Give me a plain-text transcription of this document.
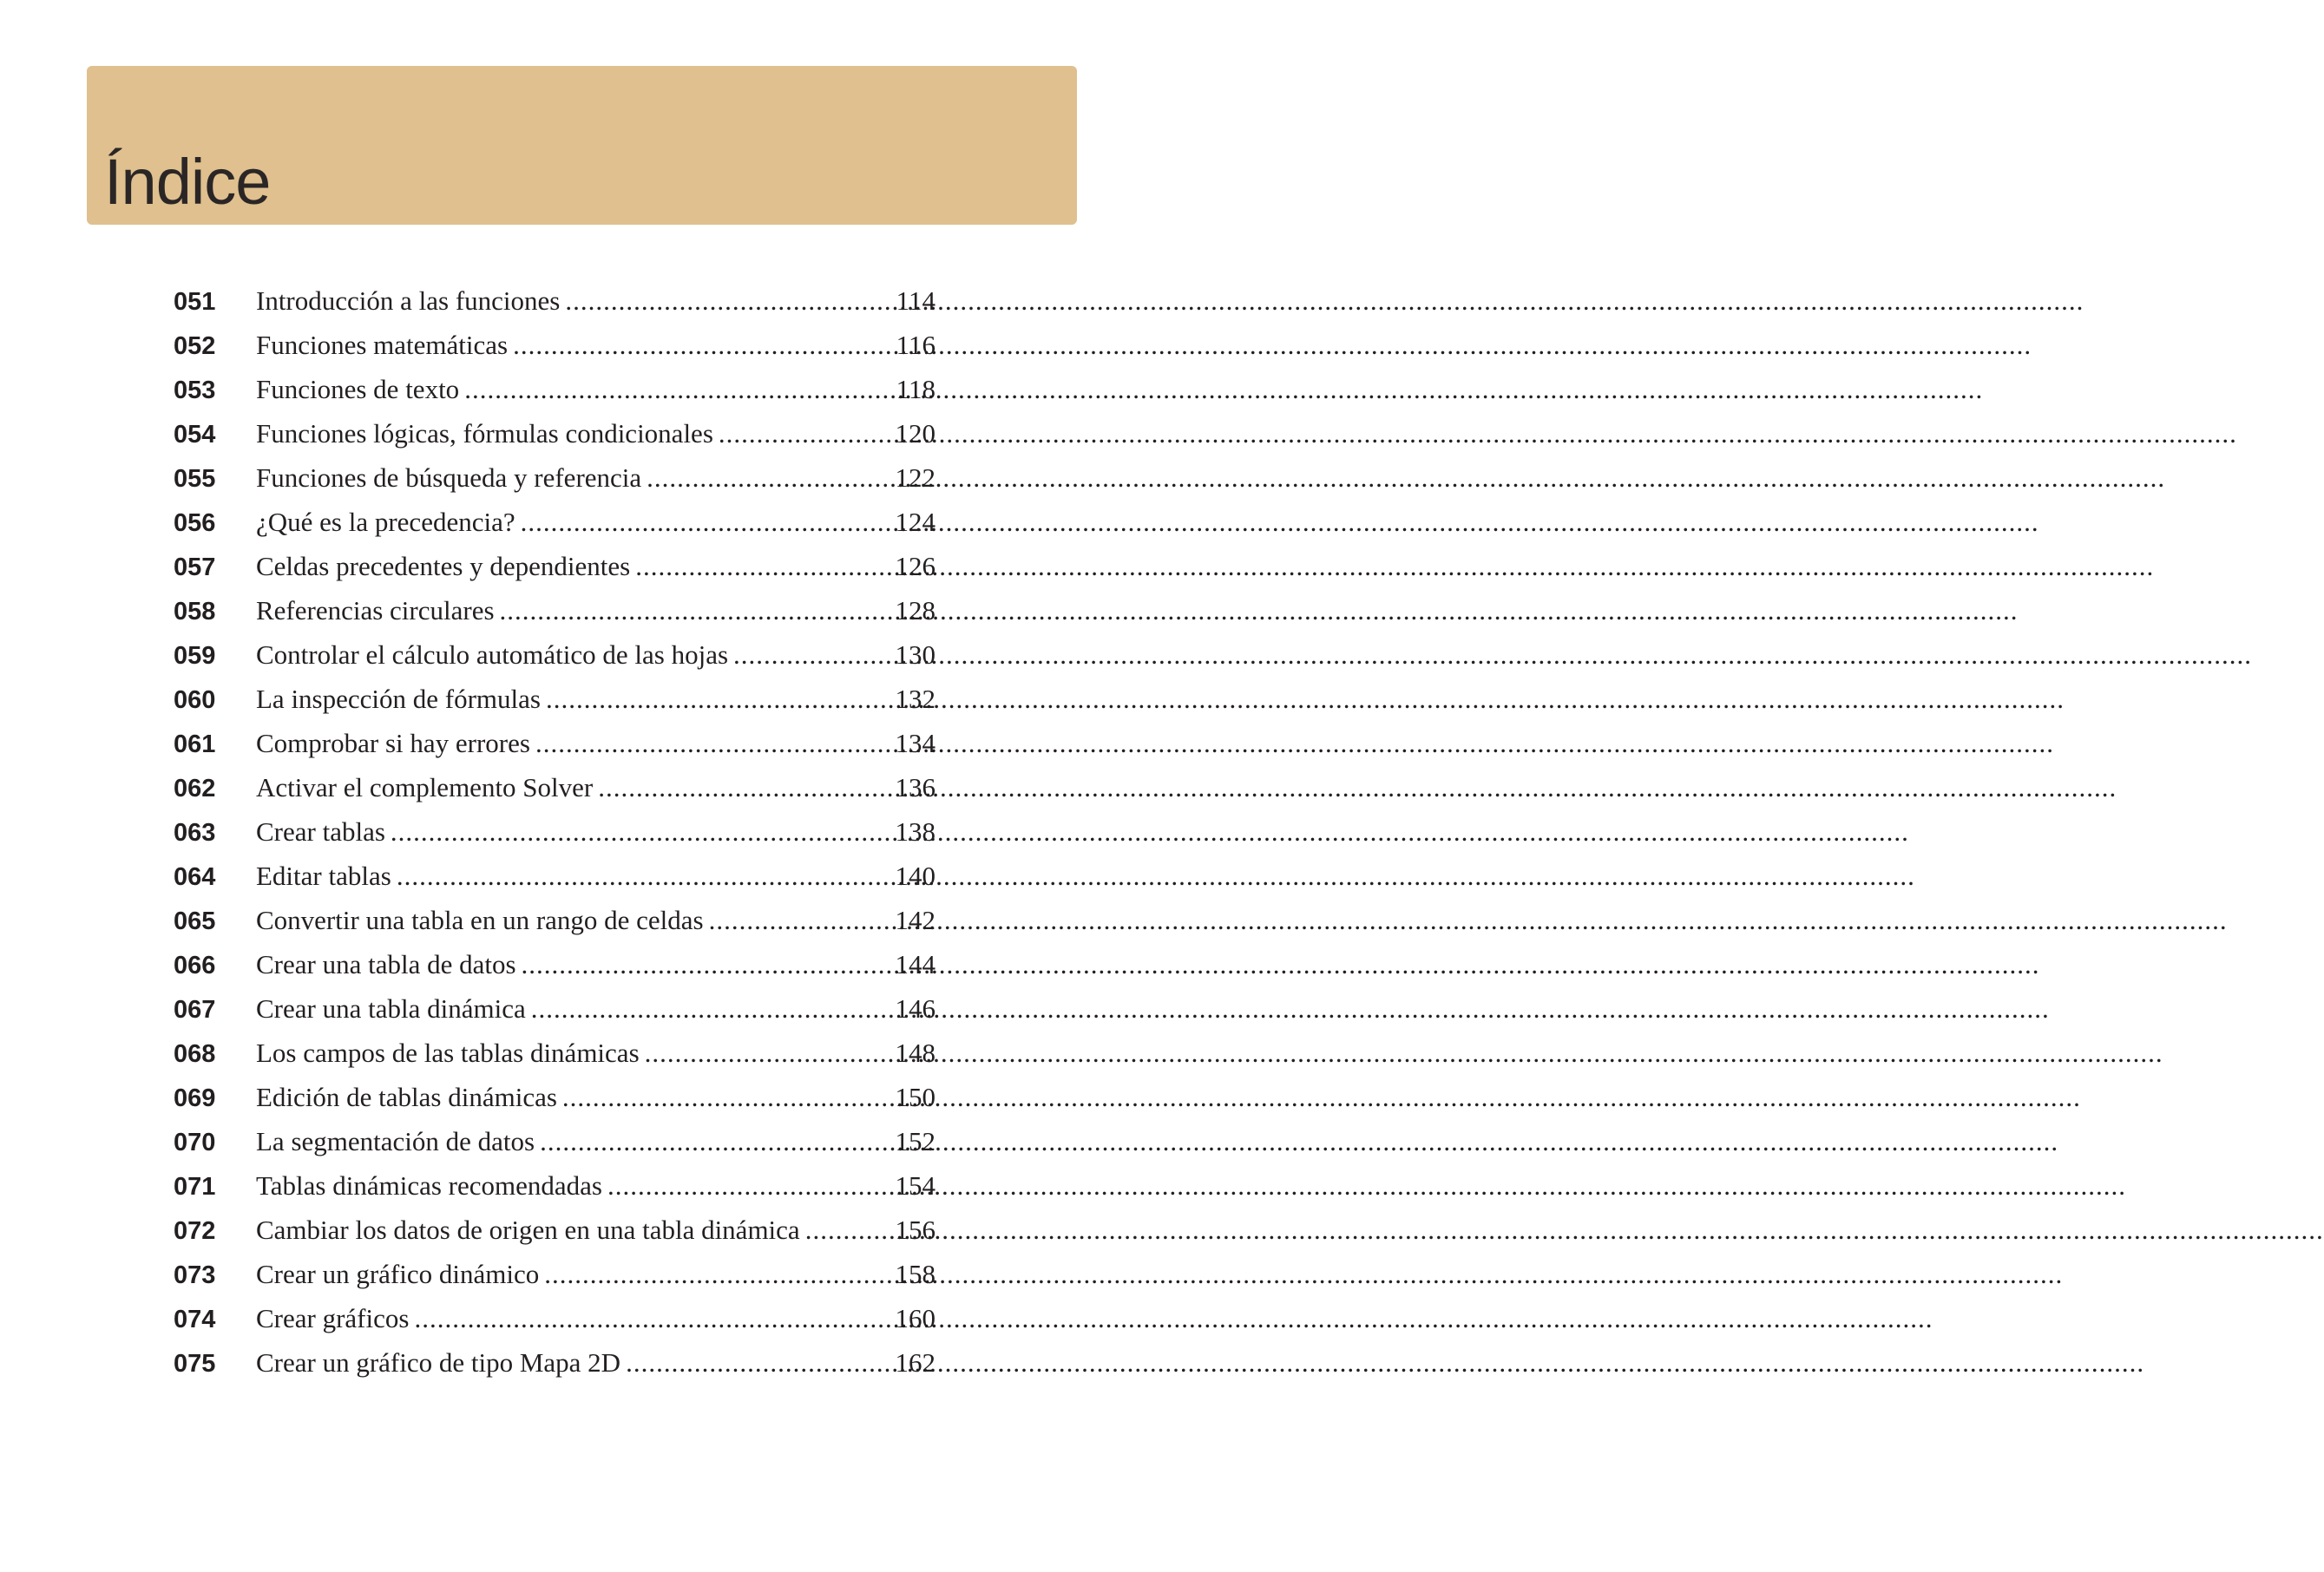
Índice
051	Introducción a las funciones .....	114
052	Funciones matemáticas .....	116
053	Funciones de texto .....	118
054	Funciones lógicas, fórmulas condicionales .....	120
055	Funciones de búsqueda y referencia .....	122
056	¿Qué es la precedencia? .....	124
057	Celdas precedentes y dependientes .....	126
058	Referencias circulares .....	128
059	Controlar el cálculo automático de las hojas .....	130
060	La inspección de fórmulas .....	132
061	Comprobar si hay errores .....	134
062	Activar el complemento Solver .....	136
063	Crear tablas .....	138
064	Editar tablas .....	140
065	Convertir una tabla en un rango de celdas .....	142
066	Crear una tabla de datos .....	144
067	Crear una tabla dinámica .....	146
068	Los campos de las tablas dinámicas .....	148
069	Edición de tablas dinámicas .....	150
070	La segmentación de datos .....	152
071	Tablas dinámicas recomendadas .....	154
072	Cambiar los datos de origen en una tabla dinámica .....	156
073	Crear un gráfico dinámico .....	158
074	Crear gráficos .....	160
075	Crear un gráfico de tipo Mapa 2D .....	162
